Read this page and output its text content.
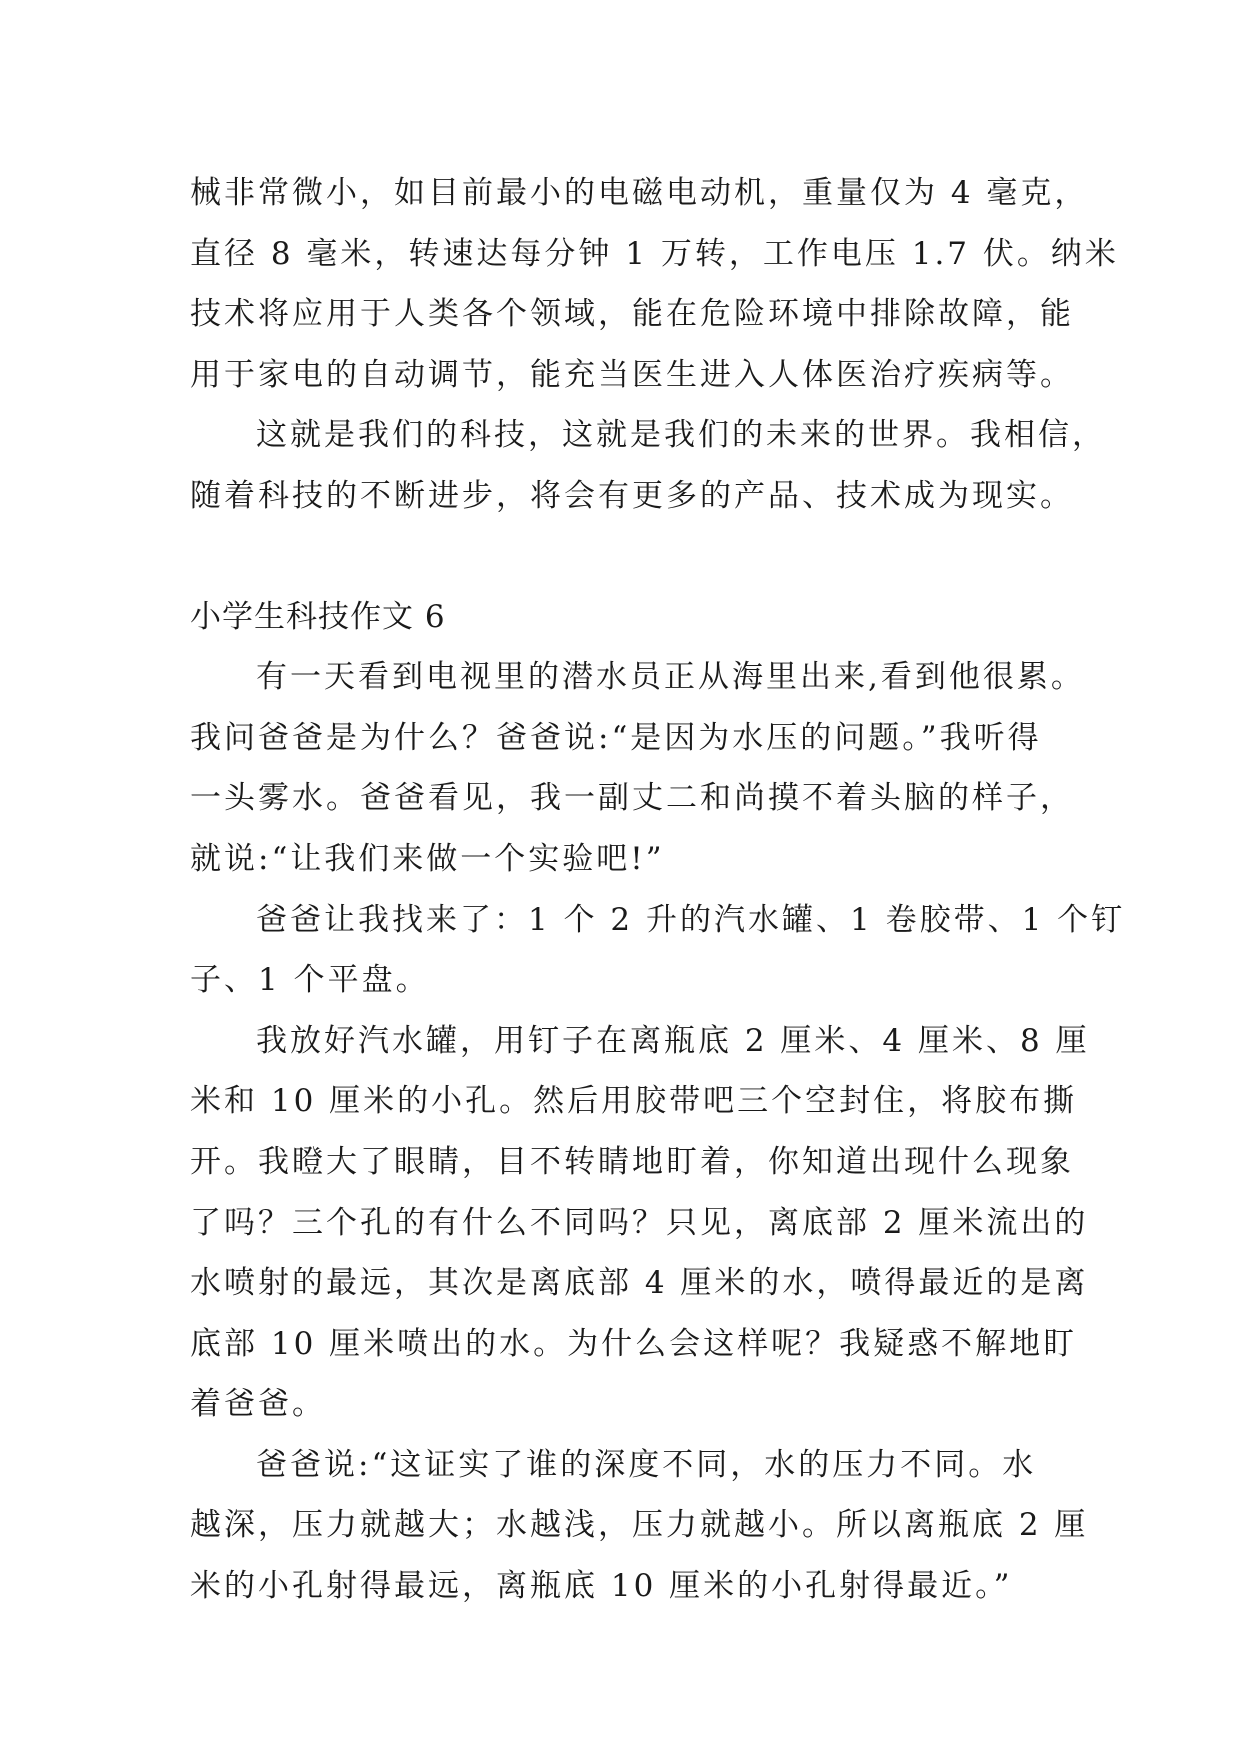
械非常微小，如目前最小的电磁电动机，重量仅为 4 毫克，
直径 8 毫米，转速达每分钟 1 万转，工作电压 1.7 伏。纳米
技术将应用于人类各个领域，能在危险环境中排除故障，能
用于家电的自动调节，能充当医生进入人体医治疗疾病等。
这就是我们的科技，这就是我们的未来的世界。我相信，
随着科技的不断进步，将会有更多的产品、技术成为现实。
小学生科技作文 6
有一天看到电视里的潜水员正从海里出来,看到他很累。
我问爸爸是为什么？爸爸说:“是因为水压的问题。”我听得
一头雾水。爸爸看见，我一副丈二和尚摸不着头脑的样子，
就说:“让我们来做一个实验吧!”
爸爸让我找来了：1 个 2 升的汽水罐、1 卷胶带、1 个钉
子、1 个平盘。
我放好汽水罐，用钉子在离瓶底 2 厘米、4 厘米、8 厘
米和 10 厘米的小孔。然后用胶带吧三个空封住，将胶布撕
开。我瞪大了眼睛，目不转睛地盯着，你知道出现什么现象
了吗？三个孔的有什么不同吗？只见，离底部 2 厘米流出的
水喷射的最远，其次是离底部 4 厘米的水，喷得最近的是离
底部 10 厘米喷出的水。为什么会这样呢？我疑惑不解地盯
着爸爸。
爸爸说:“这证实了谁的深度不同，水的压力不同。水
越深，压力就越大；水越浅，压力就越小。所以离瓶底 2 厘
米的小孔射得最远，离瓶底 10 厘米的小孔射得最近。”
